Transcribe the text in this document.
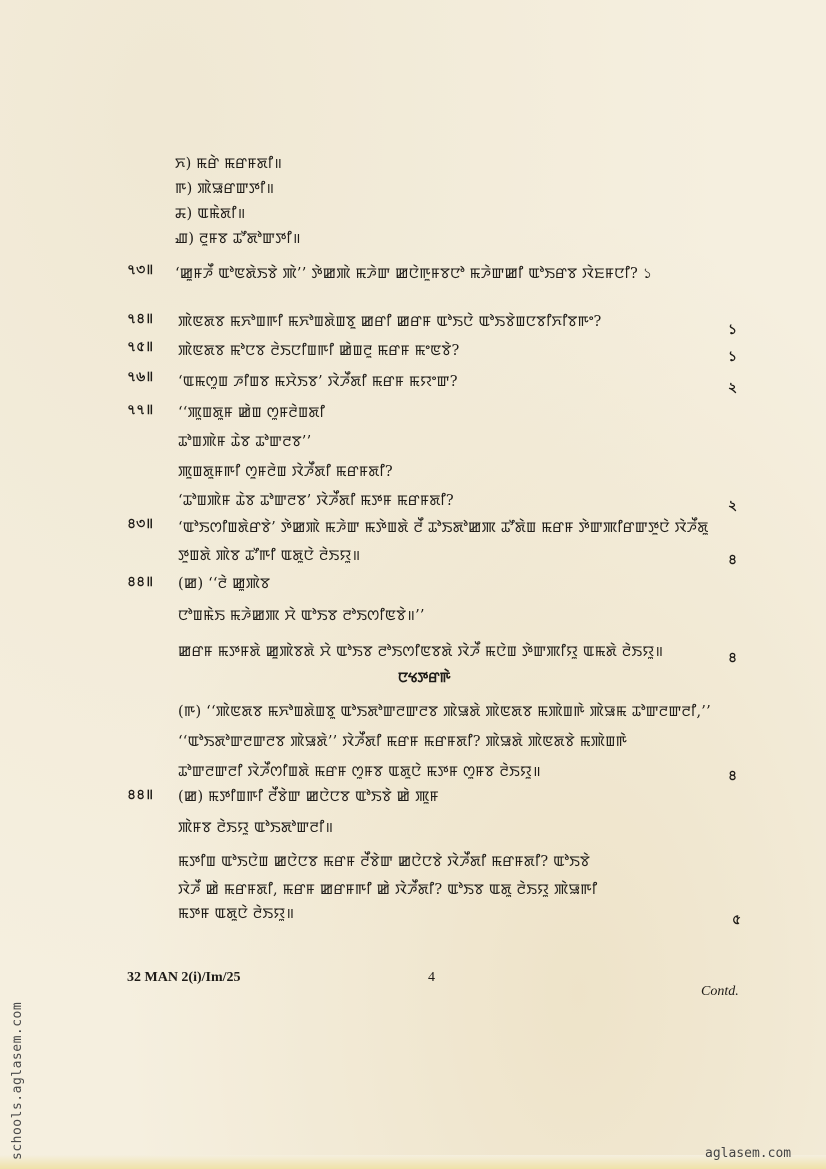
ꯈ) ꯃꯔꯥ ꯃꯔꯝꯗꯤ॥
ꯒ) ꯄꯥꯎꯔꯛꯇꯤ॥
ꯘ) ꯑꯃꯥꯗꯤ॥
ꯉ) ꯂꯨꯝꯕ ꯊꯧꯗꯣꯛꯇꯤ॥
৭৩॥ ‘ꯀꯨꯝꯍꯩ ꯑꯣꯟꯗꯥꯏꯕꯥ ꯄꯥ’’ ꯇꯥꯀꯄꯥ ꯃꯍꯥꯛ ꯀꯅꯥꯒꯨꯝꯕꯅꯣ ꯃꯍꯥꯛꯀꯤ ꯑꯣꯏꯔꯕ ꯋꯥꯐꯝꯅꯤ? ১
৭৪॥ ꯄꯥꯟꯗꯕ ꯃꯈꯣꯡꯒꯤ ꯃꯈꯣꯡꯗꯥꯡꯕꯨ ꯀꯔꯤ ꯀꯔꯝ ꯑꯣꯏꯅꯥ ꯑꯣꯏꯕꯥꯡꯅꯕꯤꯈꯤꯕꯒꯦ?	১
৭৫॥ ꯄꯥꯟꯗꯕ ꯃꯣꯅꯕ ꯂꯥꯏꯅꯤꯡꯒꯤ ꯀꯥꯡꯂꯨ ꯃꯔꯝ ꯃꯦꯟꯕꯥ?	১
৭৬॥ ‘ꯑꯃꯁꯨꯡ ꯍꯤꯡꯕ ꯃꯆꯥꯏꯕ’ ꯋꯥꯍꯩꯗꯤ ꯃꯔꯝ ꯃꯌꯦꯛ?	২
৭৭॥ ‘‘ꯄꯨꯡꯗꯨꯝ ꯀꯥꯡ ꯁꯨꯝꯂꯥꯡꯗꯤ
ꯊꯣꯡꯄꯥꯝ ꯊꯥꯕ ꯊꯣꯛꯂꯕ’’
ꯄꯨꯡꯗꯨꯝꯒꯤ ꯁꯨꯝꯂꯥꯡ ꯋꯥꯍꯩꯗꯤ ꯃꯔꯝꯗꯤ?
‘ꯊꯣꯡꯄꯥꯝ ꯊꯥꯕ ꯊꯣꯛꯂꯕ’ ꯋꯥꯍꯩꯗꯤ ꯃꯇꯝ ꯃꯔꯝꯗꯤ?	২
৪৩॥ ‘ꯑꯣꯏꯁꯤꯡꯗꯥꯔꯕꯥ’ ꯇꯥꯀꯄꯥ ꯃꯍꯥꯛ ꯃꯇꯥꯡꯗꯥ ꯂꯩ ꯊꯣꯏꯗꯣꯀꯄ ꯊꯧꯗꯥꯡ ꯃꯔꯝ ꯇꯥꯛꯄꯤꯔꯛꯇꯨꯅꯥ ꯋꯥꯍꯩꯗꯨ
ꯇꯨꯡꯗꯥ ꯄꯥꯕ ꯊꯧꯒꯤ ꯑꯗꯨꯅꯥ ꯂꯥꯏꯌꯨ॥	৪
৪৪॥ (ꯀ) ‘‘ꯂꯥ ꯀꯨꯄꯥꯕ
ꯅꯣꯡꯃꯥꯏ ꯃꯍꯥꯀꯄ ꯆꯥ ꯑꯣꯏꯕ ꯂꯣꯏꯁꯤꯟꯕꯥ॥’’
ꯀꯔꯝ ꯃꯇꯝꯗꯥ ꯀꯨꯄꯥꯕꯗꯥ ꯆꯥ ꯑꯣꯏꯕ ꯂꯣꯏꯁꯤꯟꯕꯗꯥ ꯋꯥꯍꯩ ꯃꯅꯥꯡ ꯇꯥꯛꯄꯤꯌꯨ ꯑꯃꯗꯥ ꯂꯥꯏꯌꯨ॥	৪
ꯅꯠꯇꯔꯒꯥ
(ꯒ) ‘‘ꯄꯥꯟꯗꯕ ꯃꯈꯣꯡꯗꯥꯡꯕꯨ ꯑꯣꯏꯗꯣꯛꯂꯛꯂꯕ ꯄꯥꯎꯗꯥ ꯄꯥꯟꯗꯕ ꯃꯄꯥꯡꯒꯥ ꯄꯥꯎꯃ ꯊꯣꯛꯂꯛꯂꯤ,’’
‘‘ꯑꯣꯏꯗꯣꯛꯂꯛꯂꯕ ꯄꯥꯎꯗꯥ’’ ꯋꯥꯍꯩꯗꯤ ꯃꯔꯝ ꯃꯔꯝꯗꯤ? ꯄꯥꯎꯗꯥ ꯄꯥꯟꯗꯕꯥ ꯃꯄꯥꯡꯒꯥ
ꯊꯣꯛꯂꯛꯂꯤ ꯋꯥꯍꯩꯁꯤꯡꯗꯥ ꯃꯔꯝ ꯁꯨꯝꯕ ꯑꯗꯨꯅꯥ ꯃꯇꯝ ꯁꯨꯝꯕ ꯂꯥꯏꯌꯨ॥	৪
৪৪॥ (ꯀ) ꯃꯇꯤꯡꯒꯤ ꯂꯩꯕꯥꯛ ꯀꯅꯥꯅꯕ ꯑꯣꯏꯕꯥ ꯀꯥ ꯄꯨꯝ
ꯄꯥꯝꯕ ꯂꯥꯏꯌꯨ ꯑꯣꯏꯗꯣꯛꯂꯤ॥
ꯃꯇꯤꯡ ꯑꯣꯏꯅꯥꯡ ꯀꯅꯥꯅꯕ ꯃꯔꯝ ꯂꯩꯕꯥꯛ ꯀꯅꯥꯅꯕꯥ ꯋꯥꯍꯩꯗꯤ ꯃꯔꯝꯗꯤ? ꯑꯣꯏꯕꯥ
ꯋꯥꯍꯩ ꯀꯥ ꯃꯔꯝꯗꯤ, ꯃꯔꯝ ꯀꯔꯝꯒꯤ ꯀꯥ ꯋꯥꯍꯩꯗꯤ? ꯑꯣꯏꯕ ꯑꯗꯨ ꯂꯥꯏꯌꯨ ꯄꯥꯎꯒꯤ
ꯃꯇꯝ ꯑꯗꯨꯅꯥ ꯂꯥꯏꯌꯨ॥	৫
32 MAN 2(i)/Im/25	4
Contd.
schools.aglasem.com	aglasem.com
